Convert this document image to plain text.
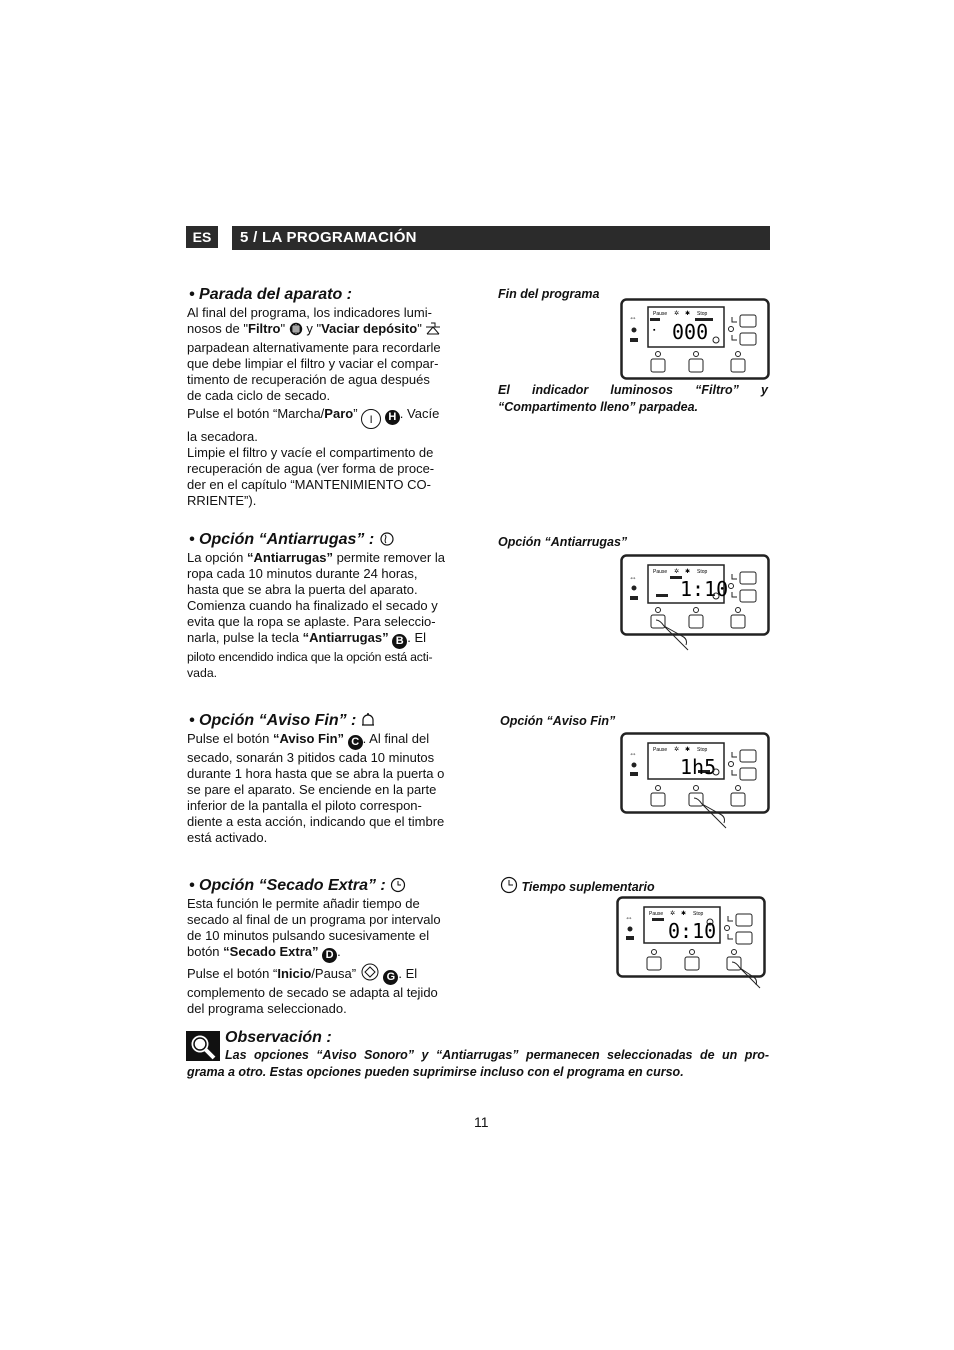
ES	5 / LA PROGRAMACIÓN
• Parada del aparato :

Al final del programa, los indicadores lumi-

nosos de "Filtro"  y "Vaciar depósito"

parpadean alternativamente para recordarle

que debe limpiar el filtro y vaciar el compar-

timento de recuperación de agua después

de cada ciclo de secado.

Pulse el botón “Marcha/Paro” I H . Vacíe

la secadora.

Limpie el filtro y vacíe el compartimento de

recuperación de agua (ver forma de proce-

der en el capítulo “MANTENIMIENTO CO-

RRIENTE”).

Fin del programa
Pause	Stop
✲ ✱
▪ 000
⇔
El indicador luminosos “Filtro” y
“Compartimento lleno” parpadea.
• Opción “Antiarrugas” :

La opción “Antiarrugas” permite remover la

ropa cada 10 minutos durante 24 horas,

hasta que se abra la puerta del aparato.

Comienza cuando ha finalizado el secado y

evita que la ropa se aplaste. Para seleccio-

narla, pulse la tecla “Antiarrugas” B . El

piloto encendido indica que la opción está acti-

vada.

Opción “Antiarrugas”
Pause	Stop
✲ ✱
1:10
⇔
• Opción “Aviso Fin” :

Pulse el botón “Aviso Fin” C . Al final del

secado, sonarán 3 pitidos cada 10 minutos

durante 1 hora hasta que se abra la puerta o

se pare el aparato. Se enciende en la parte

inferior de la pantalla el piloto correspon-

diente a esta acción, indicando que el timbre

está activado.

Opción “Aviso Fin”
Pause	Stop
✲ ✱
1h5
⇔
• Opción “Secado Extra” :

Esta función le permite añadir tiempo de

secado al final de un programa por intervalo

de 10 minutos pulsando sucesivamente el

botón “Secado Extra” D .

Pulse el botón “Inicio/Pausa”	G . El

complemento de secado se adapta al tejido

del programa seleccionado.

Tiempo suplementario
Pause	Stop
✲ ✱
0:10
⇔
Observación :
Las opciones “Aviso Sonoro” y “Antiarrugas” permanecen seleccionadas de un pro-
grama a otro. Estas opciones pueden suprimirse incluso con el programa en curso.
11
